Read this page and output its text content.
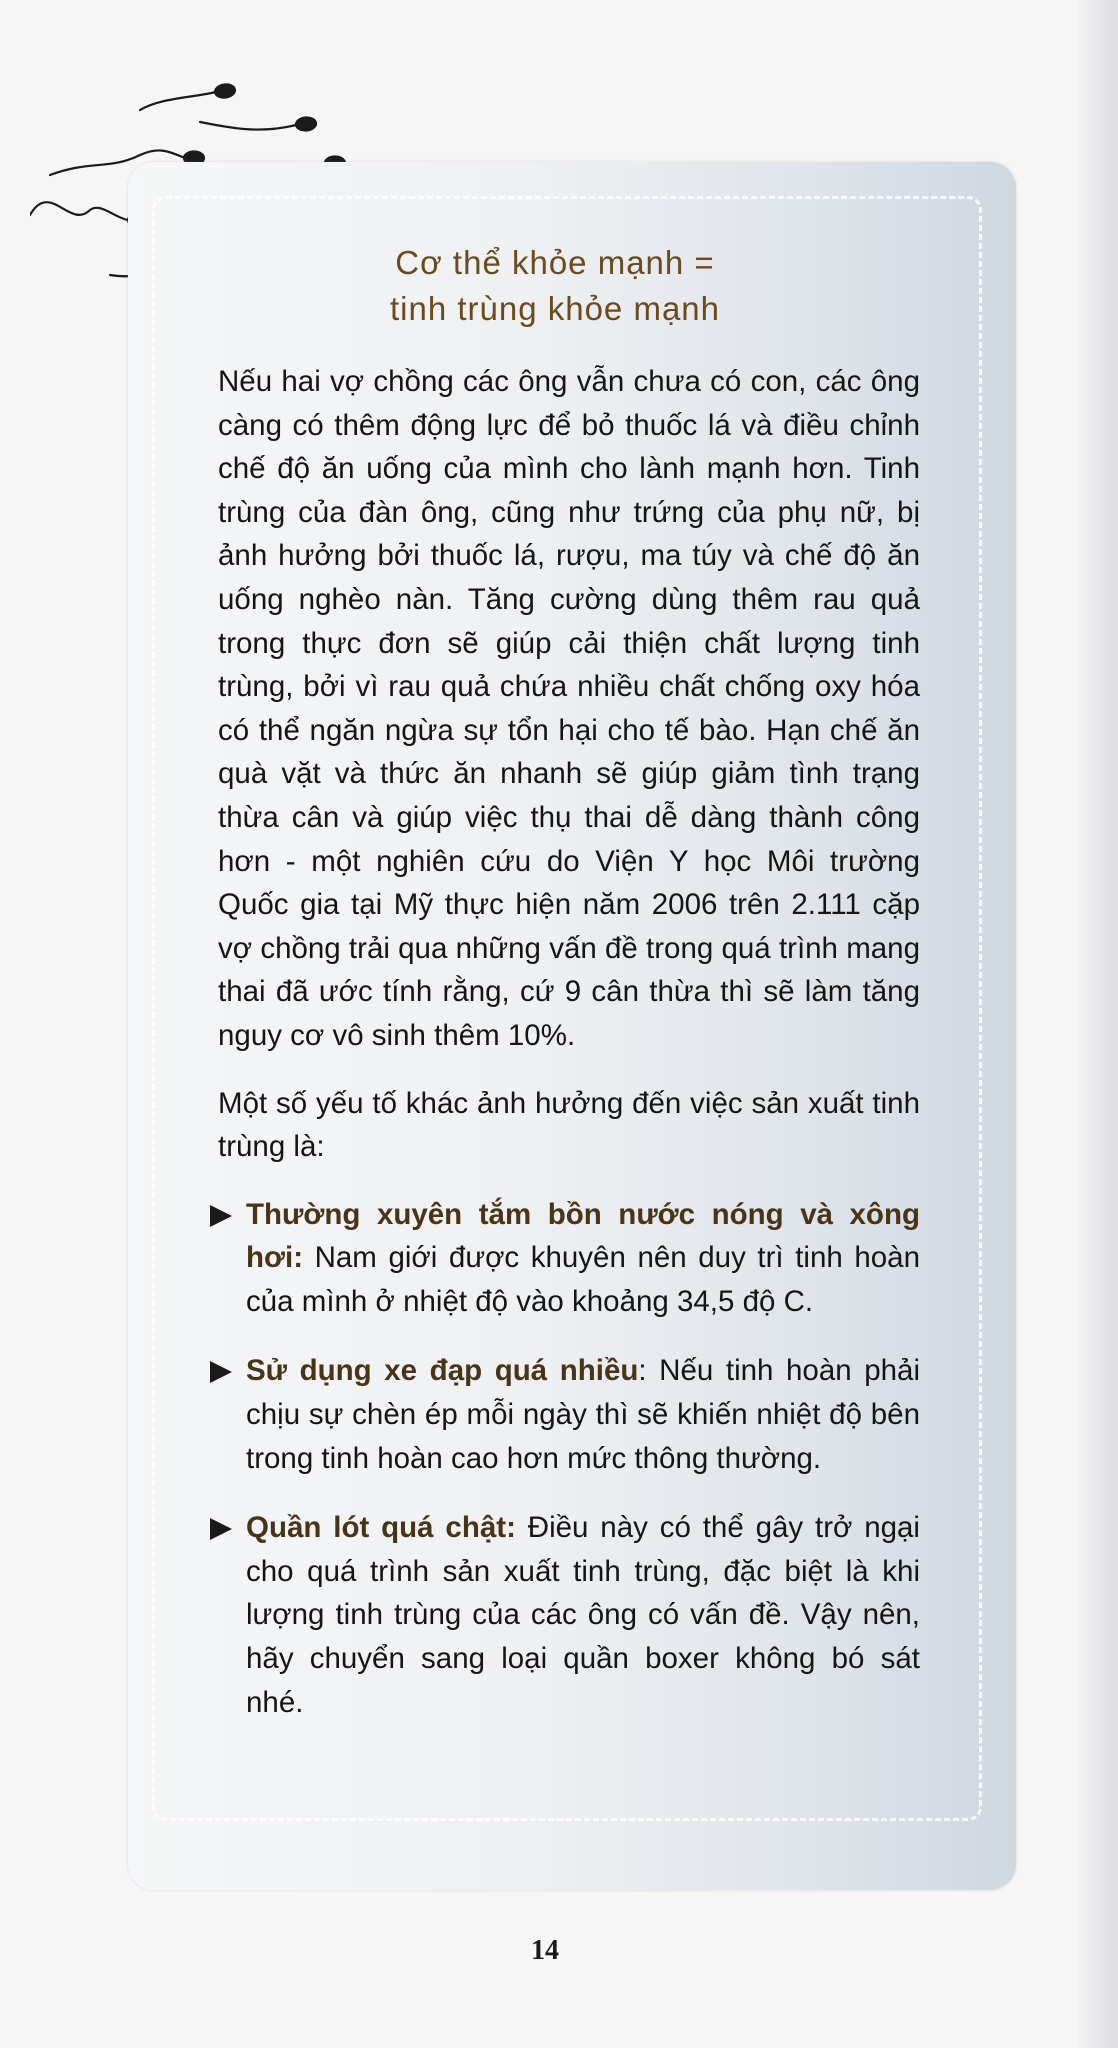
Cơ thể khỏe mạnh =
tinh trùng khỏe mạnh

Nếu hai vợ chồng các ông vẫn chưa có con, các ông càng có thêm động lực để bỏ thuốc lá và điều chỉnh chế độ ăn uống của mình cho lành mạnh hơn. Tinh trùng của đàn ông, cũng như trứng của phụ nữ, bị ảnh hưởng bởi thuốc lá, rượu, ma túy và chế độ ăn uống nghèo nàn. Tăng cường dùng thêm rau quả trong thực đơn sẽ giúp cải thiện chất lượng tinh trùng, bởi vì rau quả chứa nhiều chất chống oxy hóa có thể ngăn ngừa sự tổn hại cho tế bào. Hạn chế ăn quà vặt và thức ăn nhanh sẽ giúp giảm tình trạng thừa cân và giúp việc thụ thai dễ dàng thành công hơn - một nghiên cứu do Viện Y học Môi trường Quốc gia tại Mỹ thực hiện năm 2006 trên 2.111 cặp vợ chồng trải qua những vấn đề trong quá trình mang thai đã ước tính rằng, cứ 9 cân thừa thì sẽ làm tăng nguy cơ vô sinh thêm 10%.

Một số yếu tố khác ảnh hưởng đến việc sản xuất tinh trùng là:

Thường xuyên tắm bồn nước nóng và xông hơi: Nam giới được khuyên nên duy trì tinh hoàn của mình ở nhiệt độ vào khoảng 34,5 độ C.
Sử dụng xe đạp quá nhiều: Nếu tinh hoàn phải chịu sự chèn ép mỗi ngày thì sẽ khiến nhiệt độ bên trong tinh hoàn cao hơn mức thông thường.
Quần lót quá chật: Điều này có thể gây trở ngại cho quá trình sản xuất tinh trùng, đặc biệt là khi lượng tinh trùng của các ông có vấn đề. Vậy nên, hãy chuyển sang loại quần boxer không bó sát nhé.
14
